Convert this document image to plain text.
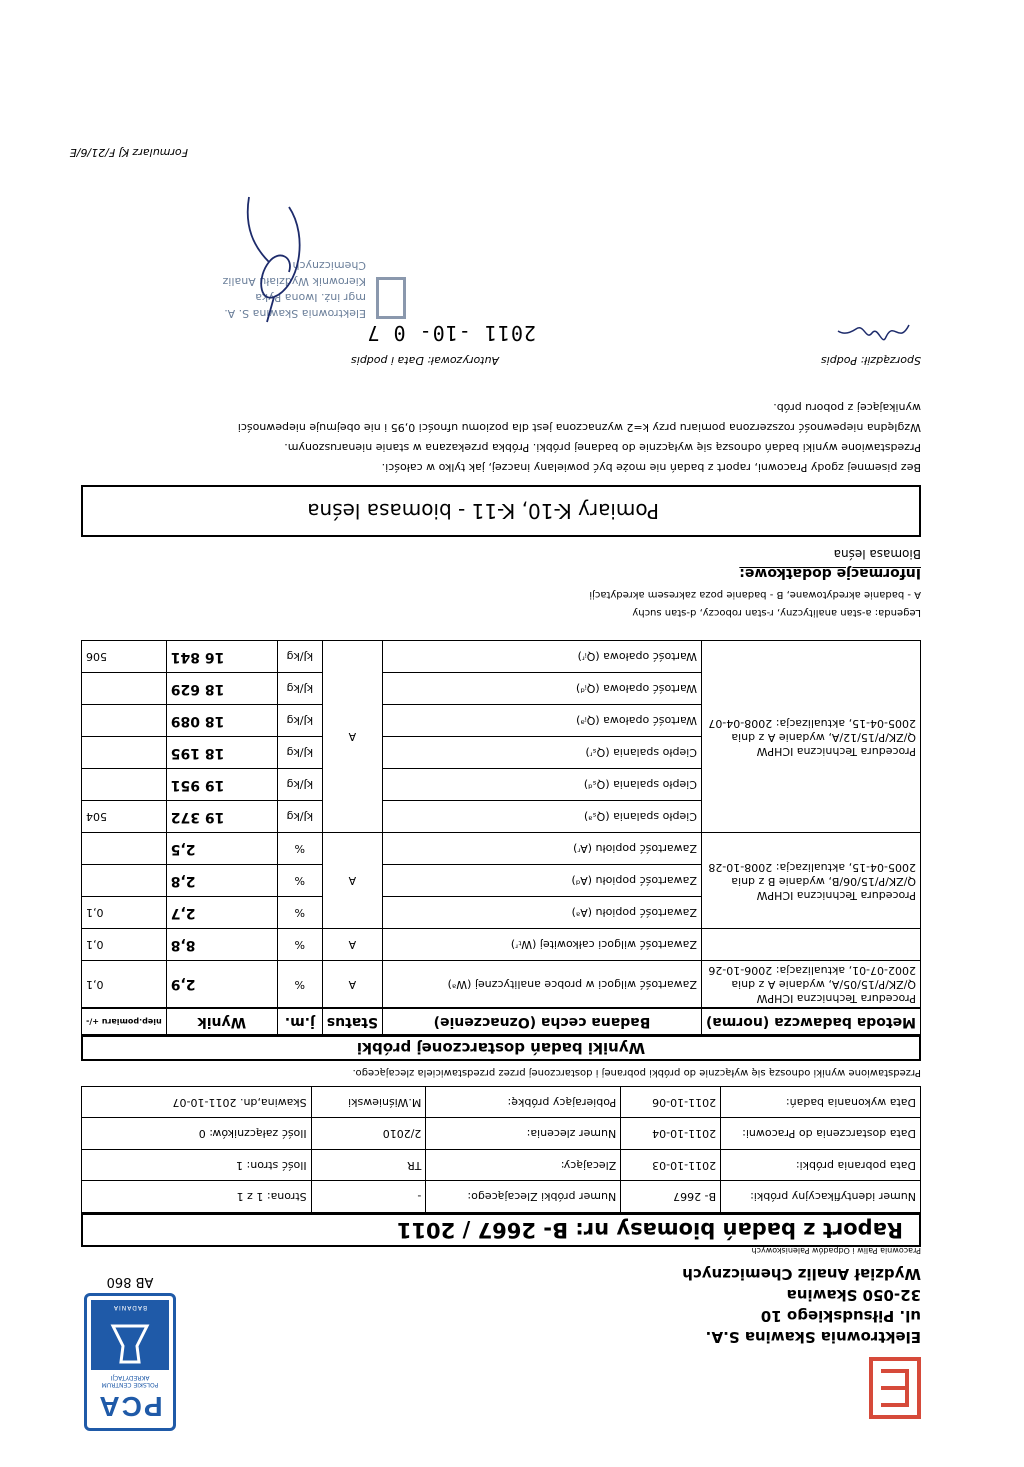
Elektrownia Skawina S.A.
ul. Piłsudskiego 10
32-050 Skawina
Wydział Analiz Chemicznych
Pracownia Paliw i Odpadów Paleniskowych
PCA
POLSKIE CENTRUM AKREDYTACJI
BADANIA
AB 860
Raport z badań biomasy nr: B- 2667 / 2011
Numer identyfikacyjny próbki:	B- 2667	Numer próbki Zlecającego:	-	Strona: 1 z 1
Data pobrania próbki:	2011-10-03	Zlecający:	TR	Ilość stron: 1
Data dostarczenia do Pracowni:	2011-10-04	Numer zlecenia:	2/2010	Ilość załączników: 0
Data wykonania badań:	2011-10-06	Pobierający próbkę:	M.Wiśniewski	Skawina,dn. 2011-10-07
Przedstawione wyniki odnoszą się wyłącznie do próbki pobranej i dostarczonej przez przedstawiciela zlecającego.
Wyniki badań dostarczonej próbki
Metoda badawcza (norma)	Badana cecha (Oznaczenie)	Status	j.m.	Wynik	niep.pomiaru +/-
Procedura Techniczna ICHPW Q/ZK/P/15/05/A, wydanie A z dnia 2002-07-01, aktualizacja: 2006-10-26	Zawartość wilgoci w probce analitycznej (Wᵃ)	A	%	2,9	0,1
	Zawartość wilgoci całkowitej (Wₜʳ)	A	%	8,8	0,1
Procedura Techniczna ICHPW Q/ZK/P/15/06/B, wydanie B z dnia 2005-04-15, aktualizacja: 2008-10-28	Zawartość popiołu (Aᵃ)	A	%	2,7	0,1
	Zawartość popiołu (Aᵈ)		%	2,8	
	Zawartość popiołu (Aʳ)		%	2,5	
Procedura Techniczna ICHPW Q/ZK/P/15/12/A, wydanie A z dnia 2005-04-15, aktualizacja: 2008-04-07	Ciepło spalania (Qₛᵃ)	A	kJ/kg	19 372	504
	Ciepło spalania (Qₛᵈ)		kJ/kg	19 951	
	Ciepło spalania (Qₛʳ)		kJ/kg	18 195	
	Wartość opałowa (Qᵢᵃ)		kJ/kg	18 089	
	Wartość opałowa (Qᵢᵈ)		kJ/kg	18 629	
	Wartość opałowa (Qᵢʳ)		kJ/kg	16 841	506
Legenda: a-stan analityczny, r-stan roboczy, d-stan suchy
A - badanie akredytowane, B - badanie poza zakresem akredytacji
Informacje dodatkowe:
Biomasa leśna
Pomiary K-10, K-11 - biomasa leśna
Bez pisemnej zgody Pracowni, raport z badań nie może być powielany inaczej, jak tylko w całości.
Przedstawione wyniki badań odnoszą się wyłącznie do badanej próbki. Próbka przekazana w stanie nienaruszonym.
Względna niepewność rozszerzona pomiaru przy k=2 wyznaczona jest dla poziomu ufności 0,95 i nie obejmuje niepewności
wynikającej z poboru prób.
Sporządził: Podpis
Autoryzował: Data i podpis
2011 -10- 0 7
Elektrownia Skawina S. A.
mgr inż. Iwona Pyka
Kierownik Wydziału Analiz
Chemicznych
Formularz KJ F/21/6/E
